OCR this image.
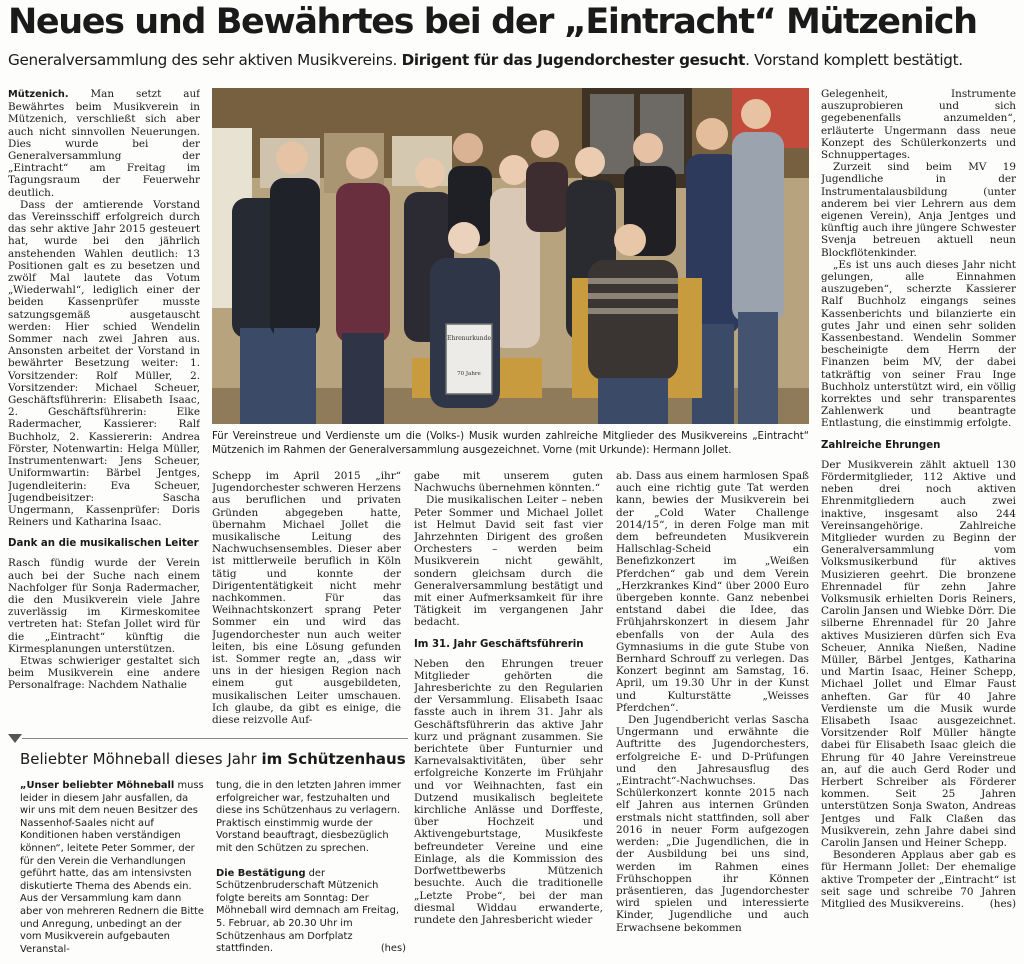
Neues und Bewährtes bei der „Eintracht“ Mützenich
Generalversammlung des sehr aktiven Musikvereins. Dirigent für das Jugendorchester gesucht. Vorstand komplett bestätigt.

Mützenich. Man setzt auf Bewährtes beim Musikverein in Mützenich, verschließt sich aber auch nicht sinnvollen Neuerungen. Dies wurde bei der Generalversammlung der „Eintracht“ am Freitag im Tagungsraum der Feuerwehr deutlich.

Dass der amtierende Vorstand das Vereinsschiff erfolgreich durch das sehr aktive Jahr 2015 gesteuert hat, wurde bei den jährlich anstehenden Wahlen deutlich: 13 Positionen galt es zu besetzen und zwölf Mal lautete das Votum „Wiederwahl“, lediglich einer der beiden Kassenprüfer musste satzungsgemäß ausgetauscht werden: Hier schied Wendelin Sommer nach zwei Jahren aus. Ansonsten arbeitet der Vorstand in bewährter Besetzung weiter: 1. Vorsitzender: Rolf Müller, 2. Vorsitzender: Michael Scheuer, Geschäftsführerin: Elisabeth Isaac, 2. Geschäftsführerin: Elke Radermacher, Kassierer: Ralf Buchholz, 2. Kassiererin: Andrea Förster, Notenwartin: Helga Müller, Instrumentenwart: Jens Scheuer, Uniformwartin: Bärbel Jentges, Jugendleiterin: Eva Scheuer, Jugendbeisitzer: Sascha Ungermann, Kassenprüfer: Doris Reiners und Katharina Isaac.

Dank an die musikalischen Leiter

Rasch fündig wurde der Verein auch bei der Suche nach einem Nachfolger für Sonja Radermacher, die den Musikverein viele Jahre zuverlässig im Kirmeskomitee vertreten hat: Stefan Jollet wird für die „Eintracht“ künftig die Kirmesplanungen unterstützen.

Etwas schwieriger gestaltet sich beim Musikverein eine andere Personalfrage: Nachdem Nathalie

Ehrenurkunde
70 Jahre
Für Vereinstreue und Verdienste um die (Volks-) Musik wurden zahlreiche Mitglieder des Musikvereins „Eintracht“ Mützenich im Rahmen der Generalversammlung ausgezeichnet. Vorne (mit Urkunde): Hermann Jollet.

Schepp im April 2015 „ihr“ Jugendorchester schweren Herzens aus beruflichen und privaten Gründen abgegeben hatte, übernahm Michael Jollet die musikalische Leitung des Nachwuchsensembles. Dieser aber ist mittlerweile beruflich in Köln tätig und konnte der Dirigententätigkeit nicht mehr nachkommen. Für das Weihnachtskonzert sprang Peter Sommer ein und wird das Jugendorchester nun auch weiter leiten, bis eine Lösung gefunden ist. Sommer regte an, „dass wir uns in der hiesigen Region nach einem gut ausgebildeten, musikalischen Leiter umschauen. Ich glaube, da gibt es einige, die diese reizvolle Auf-

gabe mit unserem guten Nachwuchs übernehmen könnten.“

Die musikalischen Leiter – neben Peter Sommer und Michael Jollet ist Helmut David seit fast vier Jahrzehnten Dirigent des großen Orchesters – werden beim Musikverein nicht gewählt, sondern gleichsam durch die Generalversammlung bestätigt und mit einer Aufmerksamkeit für ihre Tätigkeit im vergangenen Jahr bedacht.

Im 31. Jahr Geschäftsführerin

Neben den Ehrungen treuer Mitglieder gehörten die Jahresberichte zu den Regularien der Versammlung. Elisabeth Isaac fasste auch in ihrem 31. Jahr als Geschäftsführerin das aktive Jahr kurz und prägnant zusammen. Sie berichtete über Funturnier und Karnevalsaktivitäten, über sehr erfolgreiche Konzerte im Frühjahr und vor Weihnachten, fast ein Dutzend musikalisch begleitete kirchliche Anlässe und Dorffeste, über Hochzeit und Aktivengeburtstage, Musikfeste befreundeter Vereine und eine Einlage, als die Kommission des Dorfwettbewerbs Mützenich besuchte. Auch die traditionelle „Letzte Probe“, bei der man diesmal Widdau erwanderte, rundete den Jahresbericht wieder

ab. Dass aus einem harmlosen Spaß auch eine richtig gute Tat werden kann, bewies der Musikverein bei der „Cold Water Challenge 2014/15“, in deren Folge man mit dem befreundeten Musikverein Hallschlag-Scheid ein Benefizkonzert im „Weißen Pferdchen“ gab und dem Verein „Herzkrankes Kind“ über 2000 Euro übergeben konnte. Ganz nebenbei entstand dabei die Idee, das Frühjahrskonzert in diesem Jahr ebenfalls von der Aula des Gymnasiums in die gute Stube von Bernhard Schrouff zu verlegen. Das Konzert beginnt am Samstag, 16. April, um 19.30 Uhr in der Kunst und Kulturstätte „Weisses Pferdchen“.

Den Jugendbericht verlas Sascha Ungermann und erwähnte die Auftritte des Jugendorchesters, erfolgreiche E- und D-Prüfungen und den Jahresausflug des „Eintracht“-Nachwuchses. Das Schülerkonzert konnte 2015 nach elf Jahren aus internen Gründen erstmals nicht stattfinden, soll aber 2016 in neuer Form aufgezogen werden: „Die Jugendlichen, die in der Ausbildung bei uns sind, werden im Rahmen eines Frühschoppen ihr Können präsentieren, das Jugendorchester wird spielen und interessierte Kinder, Jugendliche und auch Erwachsene bekommen

Gelegenheit, Instrumente auszuprobieren und sich gegebenenfalls anzumelden“, erläuterte Ungermann dass neue Konzept des Schülerkonzerts und Schnuppertages.

Zurzeit sind beim MV 19 Jugendliche in der Instrumentalausbildung (unter anderem bei vier Lehrern aus dem eigenen Verein), Anja Jentges und künftig auch ihre jüngere Schwester Svenja betreuen aktuell neun Blockflötenkinder.

„Es ist uns auch dieses Jahr nicht gelungen, alle Einnahmen auszugeben“, scherzte Kassierer Ralf Buchholz eingangs seines Kassenberichts und bilanzierte ein gutes Jahr und einen sehr soliden Kassenbestand. Wendelin Sommer bescheinigte dem Herrn der Finanzen beim MV, der dabei tatkräftig von seiner Frau Inge Buchholz unterstützt wird, ein völlig korrektes und sehr transparentes Zahlenwerk und beantragte Entlastung, die einstimmig erfolgte.

Zahlreiche Ehrungen

Der Musikverein zählt aktuell 130 Fördermitglieder, 112 Aktive und neben drei noch aktiven Ehrenmitgliedern auch zwei inaktive, insgesamt also 244 Vereinsangehörige. Zahlreiche Mitglieder wurden zu Beginn der Generalversammlung vom Volksmusikerbund für aktives Musizieren geehrt. Die bronzene Ehrennadel für zehn Jahre Volksmusik erhielten Doris Reiners, Carolin Jansen und Wiebke Dörr. Die silberne Ehrennadel für 20 Jahre aktives Musizieren dürfen sich Eva Scheuer, Annika Nießen, Nadine Müller, Bärbel Jentges, Katharina und Martin Isaac, Heiner Schepp, Michael Jollet und Elmar Faust anheften. Gar für 40 Jahre Verdienste um die Musik wurde Elisabeth Isaac ausgezeichnet. Vorsitzender Rolf Müller hängte dabei für Elisabeth Isaac gleich die Ehrung für 40 Jahre Vereinstreue an, auf die auch Gerd Roder und Herbert Schreiber als Förderer kommen. Seit 25 Jahren unterstützen Sonja Swaton, Andreas Jentges und Falk Claßen das Musikverein, zehn Jahre dabei sind Carolin Jansen und Heiner Schepp.

Besonderen Applaus aber gab es für Hermann Jollet: Der ehemalige aktive Trompeter der „Eintracht“ ist seit sage und schreibe 70 Jahren Mitglied des Musikvereins.	(hes)

Beliebter Möhneball dieses Jahr im Schützenhaus

„Unser beliebter Möhneball muss leider in diesem Jahr ausfallen, da wir uns mit dem neuen Besitzer des Nassenhof-Saales nicht auf Konditionen haben verständigen können“, leitete Peter Sommer, der für den Verein die Verhandlungen geführt hatte, das am intensivsten diskutierte Thema des Abends ein. Aus der Versammlung kam dann aber von mehreren Rednern die Bitte und Anregung, unbedingt an der vom Musikverein aufgebauten Veranstal-

tung, die in den letzten Jahren immer erfolgreicher war, festzuhalten und diese ins Schützenhaus zu verlagern. Praktisch einstimmig wurde der Vorstand beauftragt, diesbezüglich mit den Schützen zu sprechen.

Die Bestätigung der Schützenbruderschaft Mützenich folgte bereits am Sonntag: Der Möhneball wird demnach am Freitag, 5. Februar, ab 20.30 Uhr im Schützenhaus am Dorfplatz stattfinden.	(hes)
